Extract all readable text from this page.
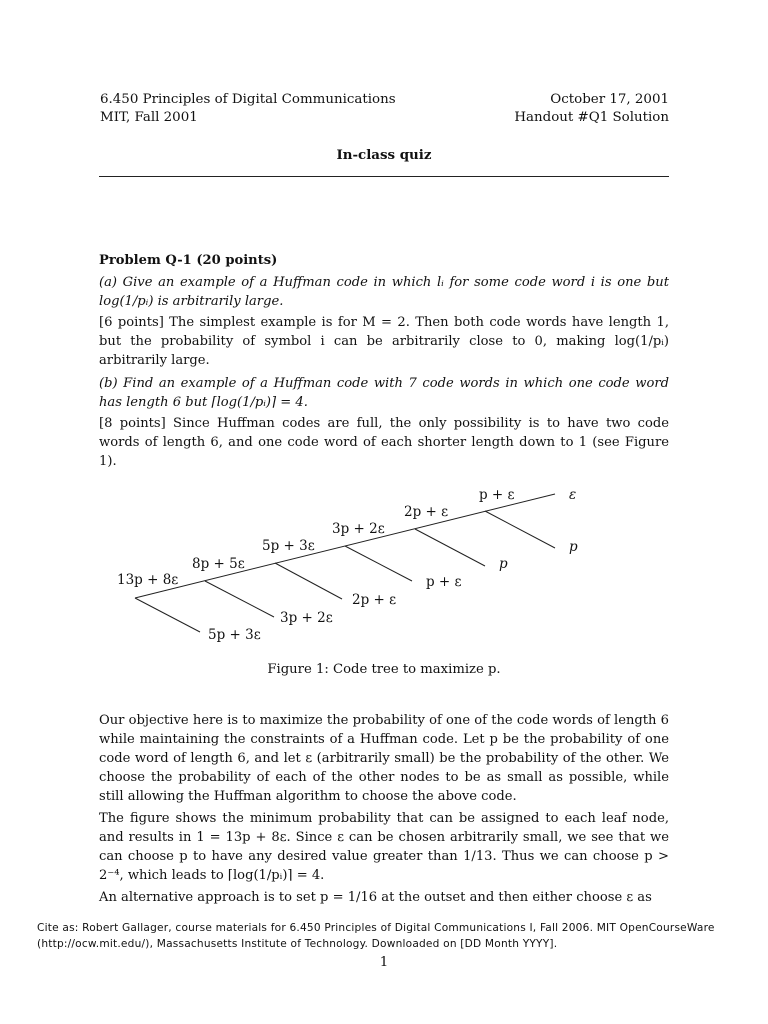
6.450 Principles of Digital Communications
MIT, Fall 2001
October 17, 2001
Handout #Q1 Solution
In-class quiz

Problem Q-1 (20 points)

(a) Give an example of a Huffman code in which lᵢ for some code word i is one but log(1/pᵢ) is arbitrarily large.

[6 points] The simplest example is for M = 2. Then both code words have length 1, but the probability of symbol i can be arbitrarily close to 0, making log(1/pᵢ) arbitrarily large.

(b) Find an example of a Huffman code with 7 code words in which one code word has length 6 but ⌈log(1/pᵢ)⌉ = 4.

[8 points] Since Huffman codes are full, the only possibility is to have two code words of length 6, and one code word of each shorter length down to 1 (see Figure 1).

13p + 8ε
8p + 5ε
5p + 3ε
3p + 2ε
2p + ε
p + ε	ε
p
p
p + ε
2p + ε
3p + 2ε
5p + 3ε
Figure 1: Code tree to maximize p.

Our objective here is to maximize the probability of one of the code words of length 6 while maintaining the constraints of a Huffman code. Let p be the probability of one code word of length 6, and let ε (arbitrarily small) be the probability of the other. We choose the probability of each of the other nodes to be as small as possible, while still allowing the Huffman algorithm to choose the above code.

The figure shows the minimum probability that can be assigned to each leaf node, and results in 1 = 13p + 8ε. Since ε can be chosen arbitrarily small, we see that we can choose p to have any desired value greater than 1/13. Thus we can choose p > 2⁻⁴, which leads to ⌈log(1/pᵢ)⌉ = 4.

An alternative approach is to set p = 1/16 at the outset and then either choose ε as

Cite as: Robert Gallager, course materials for 6.450 Principles of Digital Communications I, Fall 2006. MIT OpenCourseWare (http://ocw.mit.edu/), Massachusetts Institute of Technology. Downloaded on [DD Month YYYY].
1
